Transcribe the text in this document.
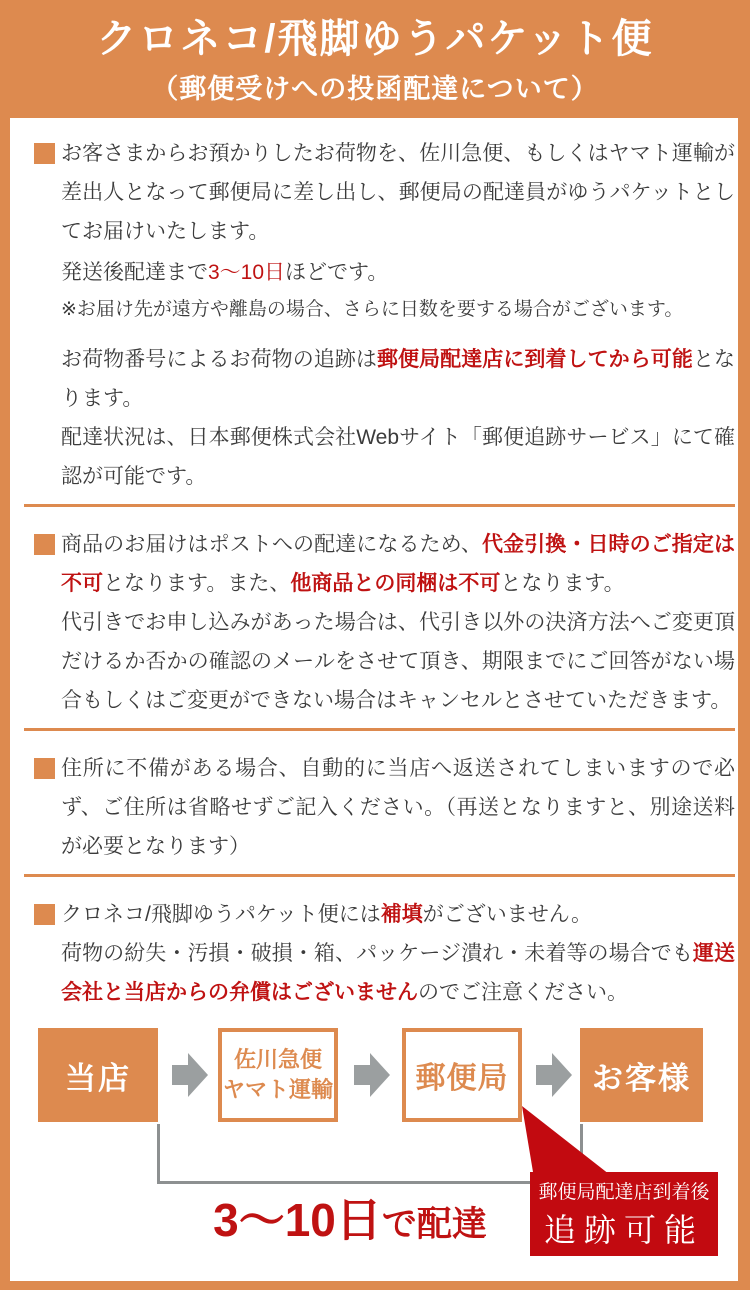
クロネコ/飛脚ゆうパケット便
（郵便受けへの投函配達について）

お客さまからお預かりしたお荷物を、佐川急便、もしくはヤマト運輸が差出人となって郵便局に差し出し、郵便局の配達員がゆうパケットとしてお届けいたします。

発送後配達まで3〜10日ほどです。

※お届け先が遠方や離島の場合、さらに日数を要する場合がございます。

お荷物番号によるお荷物の追跡は郵便局配達店に到着してから可能となります。
配達状況は、日本郵便株式会社Webサイト「郵便追跡サービス」にて確認が可能です。

商品のお届けはポストへの配達になるため、代金引換・日時のご指定は不可となります。また、他商品との同梱は不可となります。

代引きでお申し込みがあった場合は、代引き以外の決済方法へご変更頂だけるか否かの確認のメールをさせて頂き、期限までにご回答がない場合もしくはご変更ができない場合はキャンセルとさせていただきます。

住所に不備がある場合、自動的に当店へ返送されてしまいますので必ず、ご住所は省略せずご記入ください。（再送となりますと、別途送料が必要となります）

クロネコ/飛脚ゆうパケット便には補填がございません。

荷物の紛失・汚損・破損・箱、パッケージ潰れ・未着等の場合でも運送会社と当店からの弁償はございませんのでご注意ください。

当店
佐川急便
ヤマト運輸	郵便局	お客様
3〜10日で配達
郵便局配達店到着後
追跡可能
